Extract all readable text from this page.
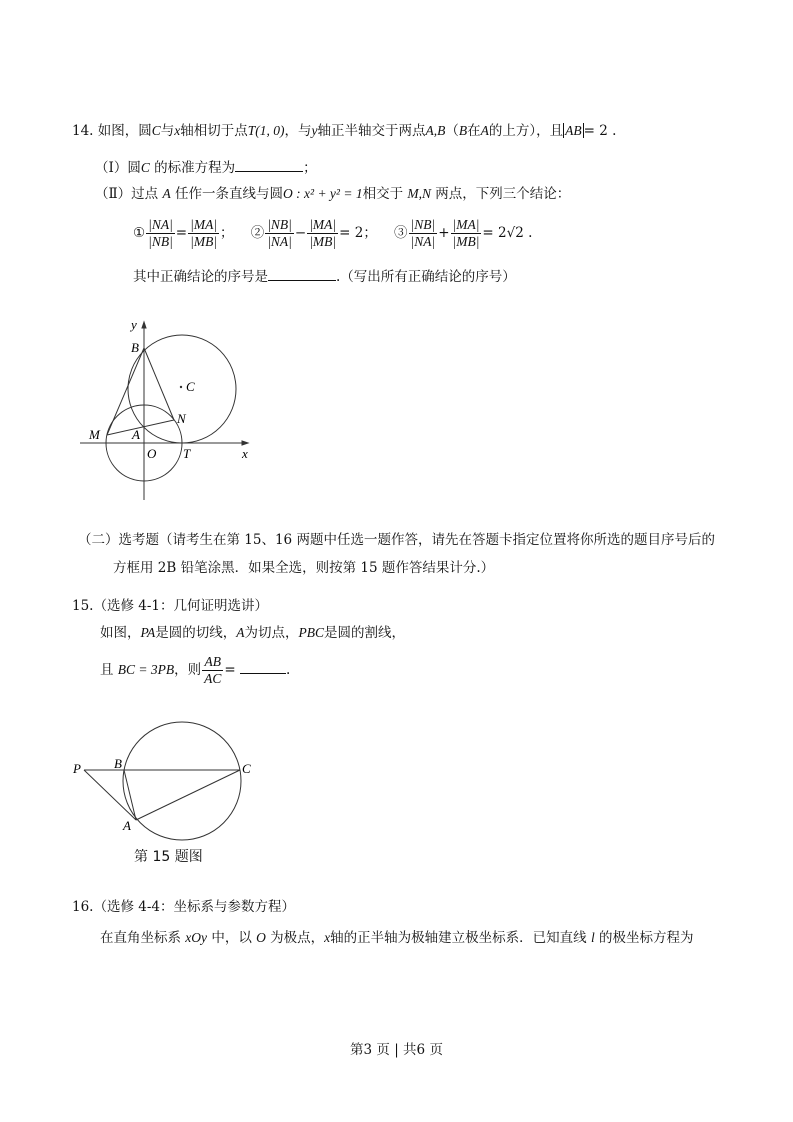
14. 如图，圆C与x轴相切于点T(1, 0)，与y轴正半轴交于两点A,B（B在A的上方），且 AB = 2 .
（Ⅰ）圆C 的标准方程为	；
（Ⅱ）过点 A 任作一条直线与圆O : x² + y² = 1相交于 M,N 两点，下列三个结论：
① $\frac{|NA|}{|NB|} = \frac{|MA|}{|MB|}$ ； ② $\frac{|NB|}{|NA|} - \frac{|MA|}{|MB|} = 2$； ③ $\frac{|NB|}{|NA|} + \frac{|MA|}{|MB|} = 2√2$ .
其中正确结论的序号是	.（写出所有正确结论的序号）
y
B
C
N
M A
O T	x
P	B	C
A
（二）选考题（请考生在第 15、16 两题中任选一题作答，请先在答题卡指定位置将你所选的题目序号后的
方框用 2B 铅笔涂黑．如果全选，则按第 15 题作答结果计分.）
15.（选修 4-1：几何证明选讲）
如图，PA是圆的切线，A为切点，PBC是圆的割线，
且 BC = 3PB，则 $\frac{AB}{AC}$ =	.
第 15 题图
16.（选修 4-4：坐标系与参数方程）
在直角坐标系 xOy 中，以 O 为极点，x轴的正半轴为极轴建立极坐标系．已知直线 l 的极坐标方程为
第3 页 | 共6 页
